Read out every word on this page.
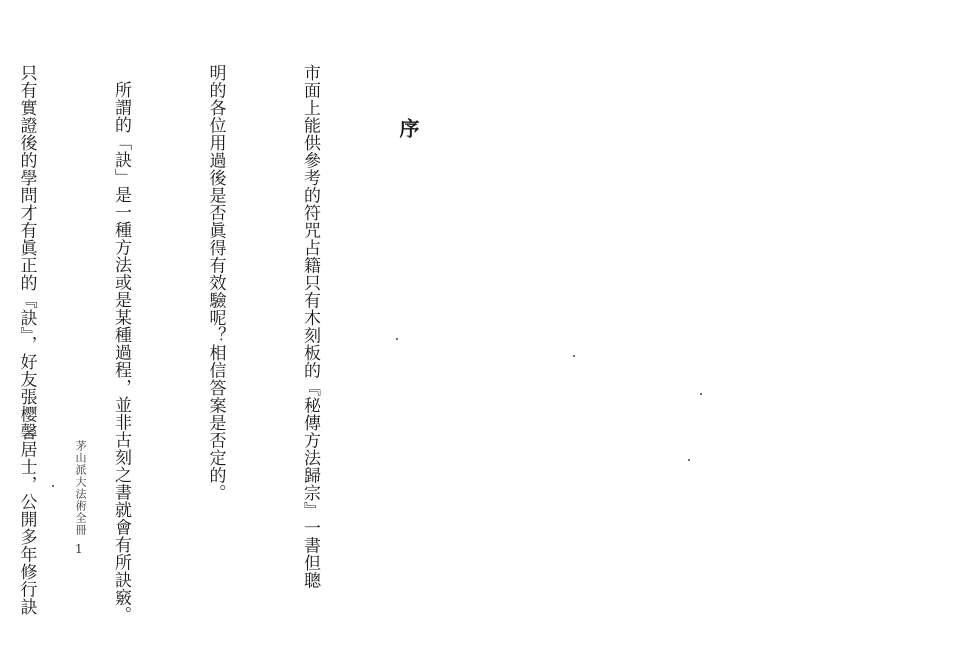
序

市面上能供參考的符咒占籍只有木刻板的『秘傳方法歸宗』一書但聰

明的各位用過後是否眞得有效驗呢？相信答案是否定的。

所謂的「訣」是一種方法或是某種過程，並非古刻之書就會有所訣竅。

只有實證後的學問才有眞正的『訣』，好友張樱馨居士，公開多年修行訣

	茅山派大法術全冊
1
